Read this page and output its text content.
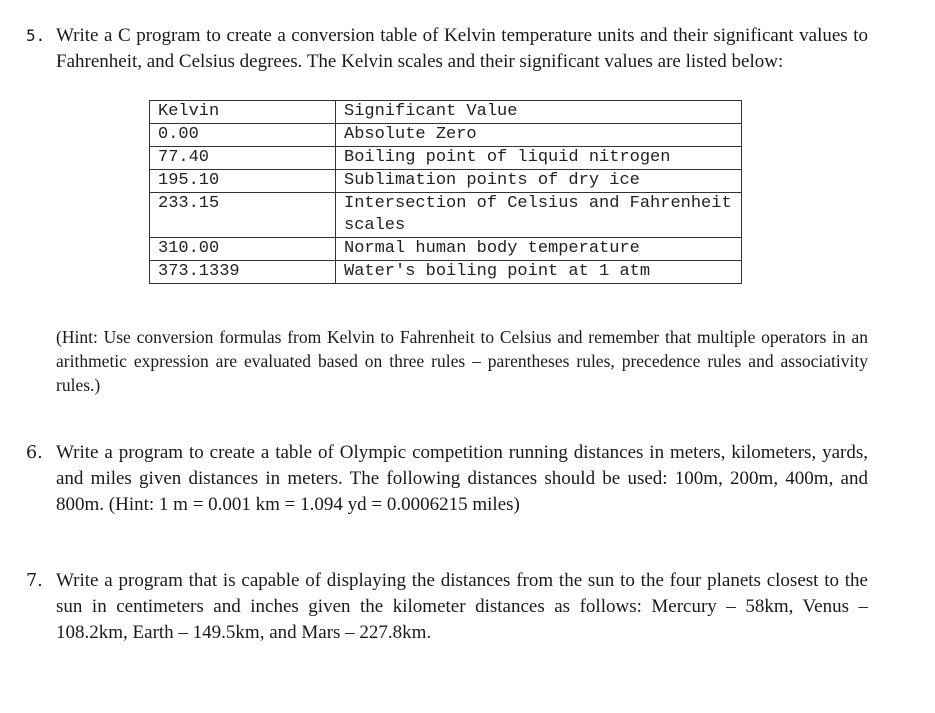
5. Write a C program to create a conversion table of Kelvin temperature units and their significant values to Fahrenheit, and Celsius degrees. The Kelvin scales and their significant values are listed below:
Kelvin	Significant Value
0.00	Absolute Zero
77.40	Boiling point of liquid nitrogen
195.10	Sublimation points of dry ice
233.15	Intersection of Celsius and Fahrenheit scales
310.00	Normal human body temperature
373.1339	Water's boiling point at 1 atm
(Hint: Use conversion formulas from Kelvin to Fahrenheit to Celsius and remember that multiple operators in an arithmetic expression are evaluated based on three rules – parentheses rules, precedence rules and associativity rules.)
6. Write a program to create a table of Olympic competition running distances in meters, kilometers, yards, and miles given distances in meters. The following distances should be used: 100m, 200m, 400m, and 800m. (Hint: 1 m = 0.001 km = 1.094 yd = 0.0006215 miles)
7. Write a program that is capable of displaying the distances from the sun to the four planets closest to the sun in centimeters and inches given the kilometer distances as follows: Mercury – 58km, Venus – 108.2km, Earth – 149.5km, and Mars – 227.8km.
